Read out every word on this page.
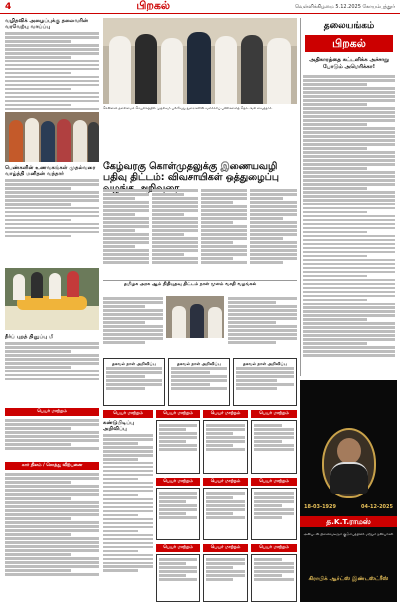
4	பிறகல்	வெள்ளிக்கிழமை 5.12.2025 கோயம்புத்தூர்
வழிதவிக் அழைப்புக்கு தலைவரின் வரவேற்பு வாய்ப்பு
பெண்களின் உணவகங்கள் முதல்வரை வாழ்த்தி மனிதன் வந்தார்
சென்னை தலைமைச் செயலகத்தில் முதல்வர் பல்வேறு துறைகளின் வளர்ச்சிப் பணிகளைத் தொடங்கி வைத்தார்.
கேழ்வரகு கொள்முதலுக்கு இணையவழி பதிவு திட்டம்: விவசாயிகள் ஒத்துழைப்பு
தமிழக அரசு ஆம் நிதியுதவு திட்டம் நாள் மூலம் வசதி வழங்கல்
தகவல் நாள் அறிவிப்பு	தகவல் நாள் அறிவிப்பு	தகவல் நாள் அறிவிப்பு
நீர்ப் புறத் தினுப்பு மீ
பெயர் மாற்றம்
கார் நிலம் / சொத்து விற்பனை
பெயர் மாற்றம்	பெயர் மாற்றம்	பெயர் மாற்றம்	பெயர் மாற்றம்
கண்டுபிடிப்பு அறிவிப்பு
பெயர் மாற்றம்	பெயர் மாற்றம்	பெயர் மாற்றம்
பெயர் மாற்றம்	பெயர் மாற்றம்	பெயர் மாற்றம்
தலையங்கம்
பிறகல்
அதிகாரத்தை கட்டளிக்க அச்சாறு போடும் அமெரிக்கா!
18-03-1929	04-12-2025
த.K.T.ராமஸ்
அன்புடன் நினைவுகூரும் குடும்பத்தினர் மற்றும் நண்பர்கள்
கிராபிக் ஆர்ட்ஸ் இண்டஸ்ட்ரீஸ்
